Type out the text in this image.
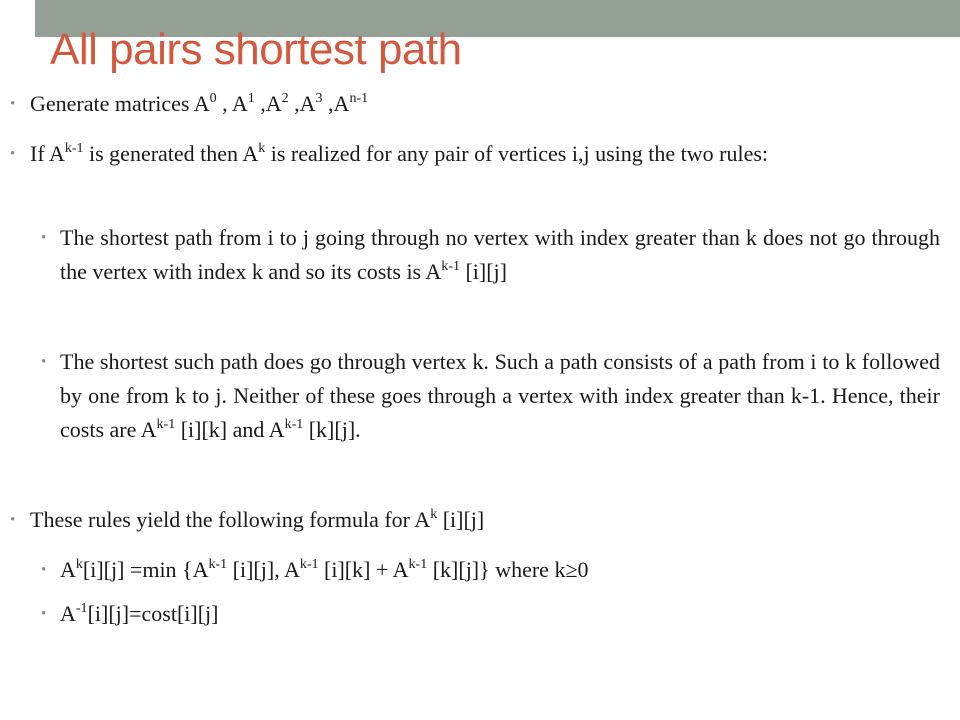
All pairs shortest path
• Generate matrices $A^0$ , $A^1$ $,A^2$ $,A^3$ $,A^{n-1}$
• If $A^{k-1}$ is generated then $A^k$ is realized for any pair of vertices i,j using the two rules:
• The shortest path from i to j going through no vertex with index greater than k does not go through the vertex with index k and so its costs is $A^{k-1}$ [i][j]
• The shortest such path does go through vertex k. Such a path consists of a path from i to k followed by one from k to j. Neither of these goes through a vertex with index greater than k-1. Hence, their costs are $A^{k-1}$ [i][k] and $A^{k-1}$ [k][j].
• These rules yield the following formula for $A^k$ [i][j]
• $A^k[i][j] =\min$ {$A^{k-1}$ [i][j], $A^{k-1}$ $[i][k] + A^{k-1}$ [k][j]} where k≥0
• $A^{-1}[i][j]=\cos t[i][j]$
